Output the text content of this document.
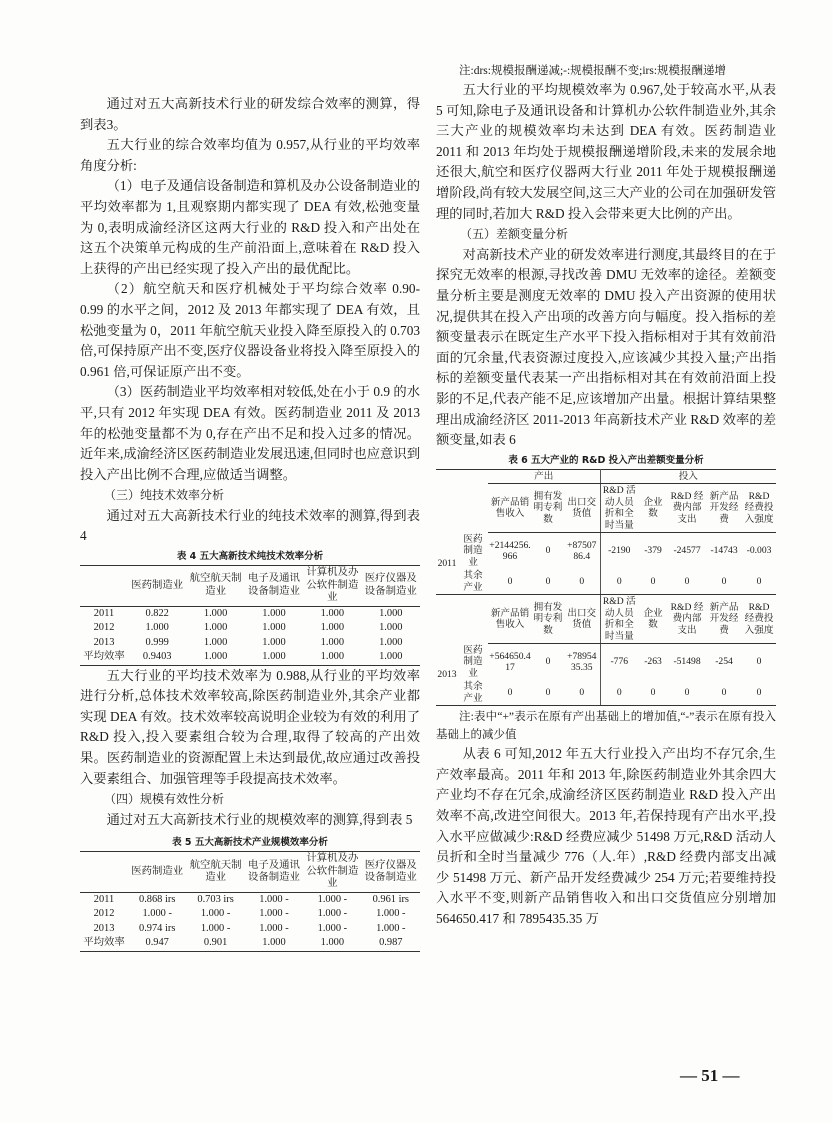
通过对五大高新技术行业的研发综合效率的测算，得到表3。

五大行业的综合效率均值为 0.957,从行业的平均效率角度分析:

（1）电子及通信设备制造和算机及办公设备制造业的平均效率都为 1,且观察期内都实现了 DEA 有效,松弛变量为 0,表明成渝经济区这两大行业的 R&D 投入和产出处在这五个决策单元构成的生产前沿面上,意味着在 R&D 投入上获得的产出已经实现了投入产出的最优配比。

（2）航空航天和医疗机械处于平均综合效率 0.90-0.99 的水平之间，2012 及 2013 年都实现了 DEA 有效，且松弛变量为 0，2011 年航空航天业投入降至原投入的 0.703 倍,可保持原产出不变,医疗仪器设备业将投入降至原投入的 0.961 倍,可保证原产出不变。

（3）医药制造业平均效率相对较低,处在小于 0.9 的水平,只有 2012 年实现 DEA 有效。医药制造业 2011 及 2013 年的松弛变量都不为 0,存在产出不足和投入过多的情况。近年来,成渝经济区医药制造业发展迅速,但同时也应意识到投入产出比例不合理,应做适当调整。

（三）纯技术效率分析

通过对五大高新技术行业的纯技术效率的测算,得到表 4

表 4 五大高新技术纯技术效率分析
	医药制造业	航空航天制造业	电子及通讯设备制造业	计算机及办公软件制造业	医疗仪器及设备制造业
2011	0.822	1.000	1.000	1.000	1.000
2012	1.000	1.000	1.000	1.000	1.000
2013	0.999	1.000	1.000	1.000	1.000
平均效率	0.9403	1.000	1.000	1.000	1.000

五大行业的平均技术效率为 0.988,从行业的平均效率进行分析,总体技术效率较高,除医药制造业外,其余产业都实现 DEA 有效。技术效率较高说明企业较为有效的利用了 R&D 投入,投入要素组合较为合理,取得了较高的产出效果。医药制造业的资源配置上未达到最优,故应通过改善投入要素组合、加强管理等手段提高技术效率。

（四）规模有效性分析

通过对五大高新技术行业的规模效率的测算,得到表 5

表 5 五大高新技术产业规模效率分析
	医药制造业	航空航天制造业	电子及通讯设备制造业	计算机及办公软件制造业	医疗仪器及设备制造业
2011	0.868 irs	0.703 irs	1.000 -	1.000 -	0.961 irs
2012	1.000 -	1.000 -	1.000 -	1.000 -	1.000 -
2013	0.974 irs	1.000 -	1.000 -	1.000 -	1.000 -
平均效率	0.947	0.901	1.000	1.000	0.987
注:drs:规模报酬递减;-:规模报酬不变;irs:规模报酬递增

五大行业的平均规模效率为 0.967,处于较高水平,从表 5 可知,除电子及通讯设备和计算机办公软件制造业外,其余三大产业的规模效率均未达到 DEA 有效。医药制造业 2011 和 2013 年均处于规模报酬递增阶段,未来的发展余地还很大,航空和医疗仪器两大行业 2011 年处于规模报酬递增阶段,尚有较大发展空间,这三大产业的公司在加强研发管理的同时,若加大 R&D 投入会带来更大比例的产出。

（五）差额变量分析

对高新技术产业的研发效率进行测度,其最终目的在于探究无效率的根源,寻找改善 DMU 无效率的途径。差额变量分析主要是测度无效率的 DMU 投入产出资源的使用状况,提供其在投入产出项的改善方向与幅度。投入指标的差额变量表示在既定生产水平下投入指标相对于其有效前沿面的冗余量,代表资源过度投入,应该减少其投入量;产出指标的差额变量代表某一产出指标相对其在有效前沿面上投影的不足,代表产能不足,应该增加产出量。根据计算结果整理出成渝经济区 2011-2013 年高新技术产业 R&D 效率的差额变量,如表 6

表 6 五大产业的 R&D 投入产出差额变量分析
		产出			投入				
		新产品销售收入	拥有发明专利数	出口交货值	R&D 活动人员折和全时当量	企业数	R&D 经费内部支出	新产品开发经费	R&D 经费投入强度
2011	医药制造业	+2144256.966	0	+8750786.4	-2190	-379	-24577	-14743	-0.003
	其余产业	0	0	0	0	0	0	0	0
		新产品销售收入	拥有发明专利数	出口交货值	R&D 活动人员折和全时当量	企业数	R&D 经费内部支出	新产品开发经费	R&D 经费投入强度
2013	医药制造业	+564650.417	0	+7895435.35	-776	-263	-51498	-254	0
	其余产业	0	0	0	0	0	0	0	0
注:表中“+”表示在原有产出基础上的增加值,“-”表示在原有投入基础上的减少值

从表 6 可知,2012 年五大行业投入产出均不存冗余,生产效率最高。2011 年和 2013 年,除医药制造业外其余四大产业均不存在冗余,成渝经济区医药制造业 R&D 投入产出效率不高,改进空间很大。2013 年,若保持现有产出水平,投入水平应做减少:R&D 经费应减少 51498 万元,R&D 活动人员折和全时当量减少 776（人.年）,R&D 经费内部支出减少 51498 万元、新产品开发经费减少 254 万元;若要维持投入水平不变,则新产品销售收入和出口交货值应分别增加 564650.417 和 7895435.35 万

— 51 —
